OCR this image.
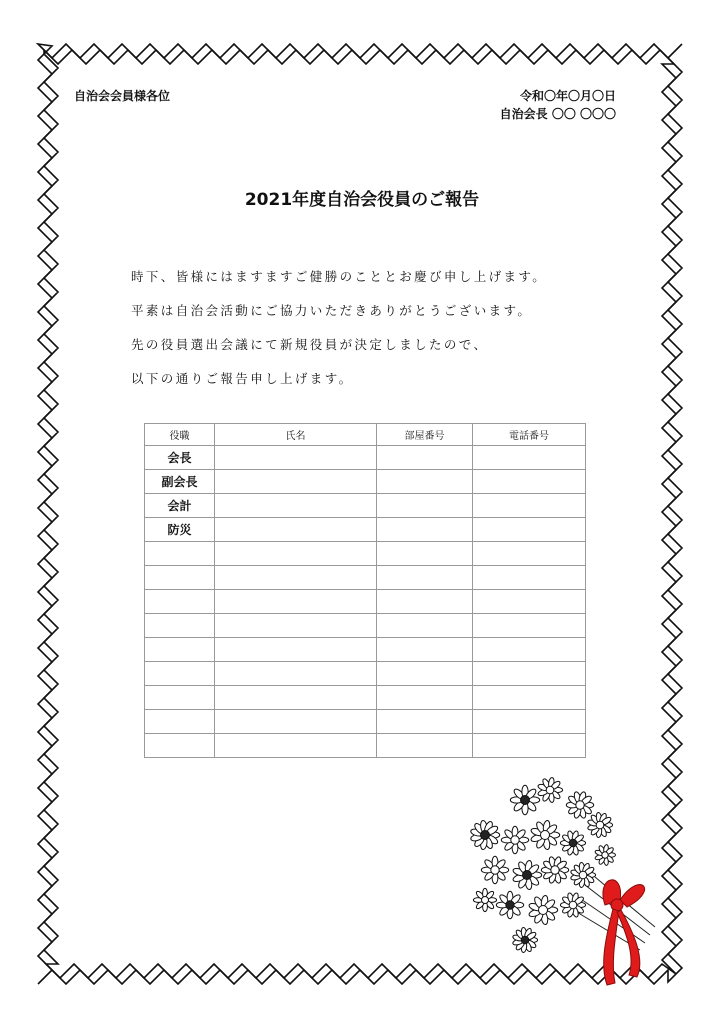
自治会会員様各位	令和〇年〇月〇日
自治会長 〇〇 〇〇〇
2021年度自治会役員のご報告
時下、皆様にはますますご健勝のこととお慶び申し上げます。
平素は自治会活動にご協力いただきありがとうございます。
先の役員選出会議にて新規役員が決定しましたので、
以下の通りご報告申し上げます。
役職	氏名	部屋番号	電話番号
会長			
副会長			
会計			
防災			
